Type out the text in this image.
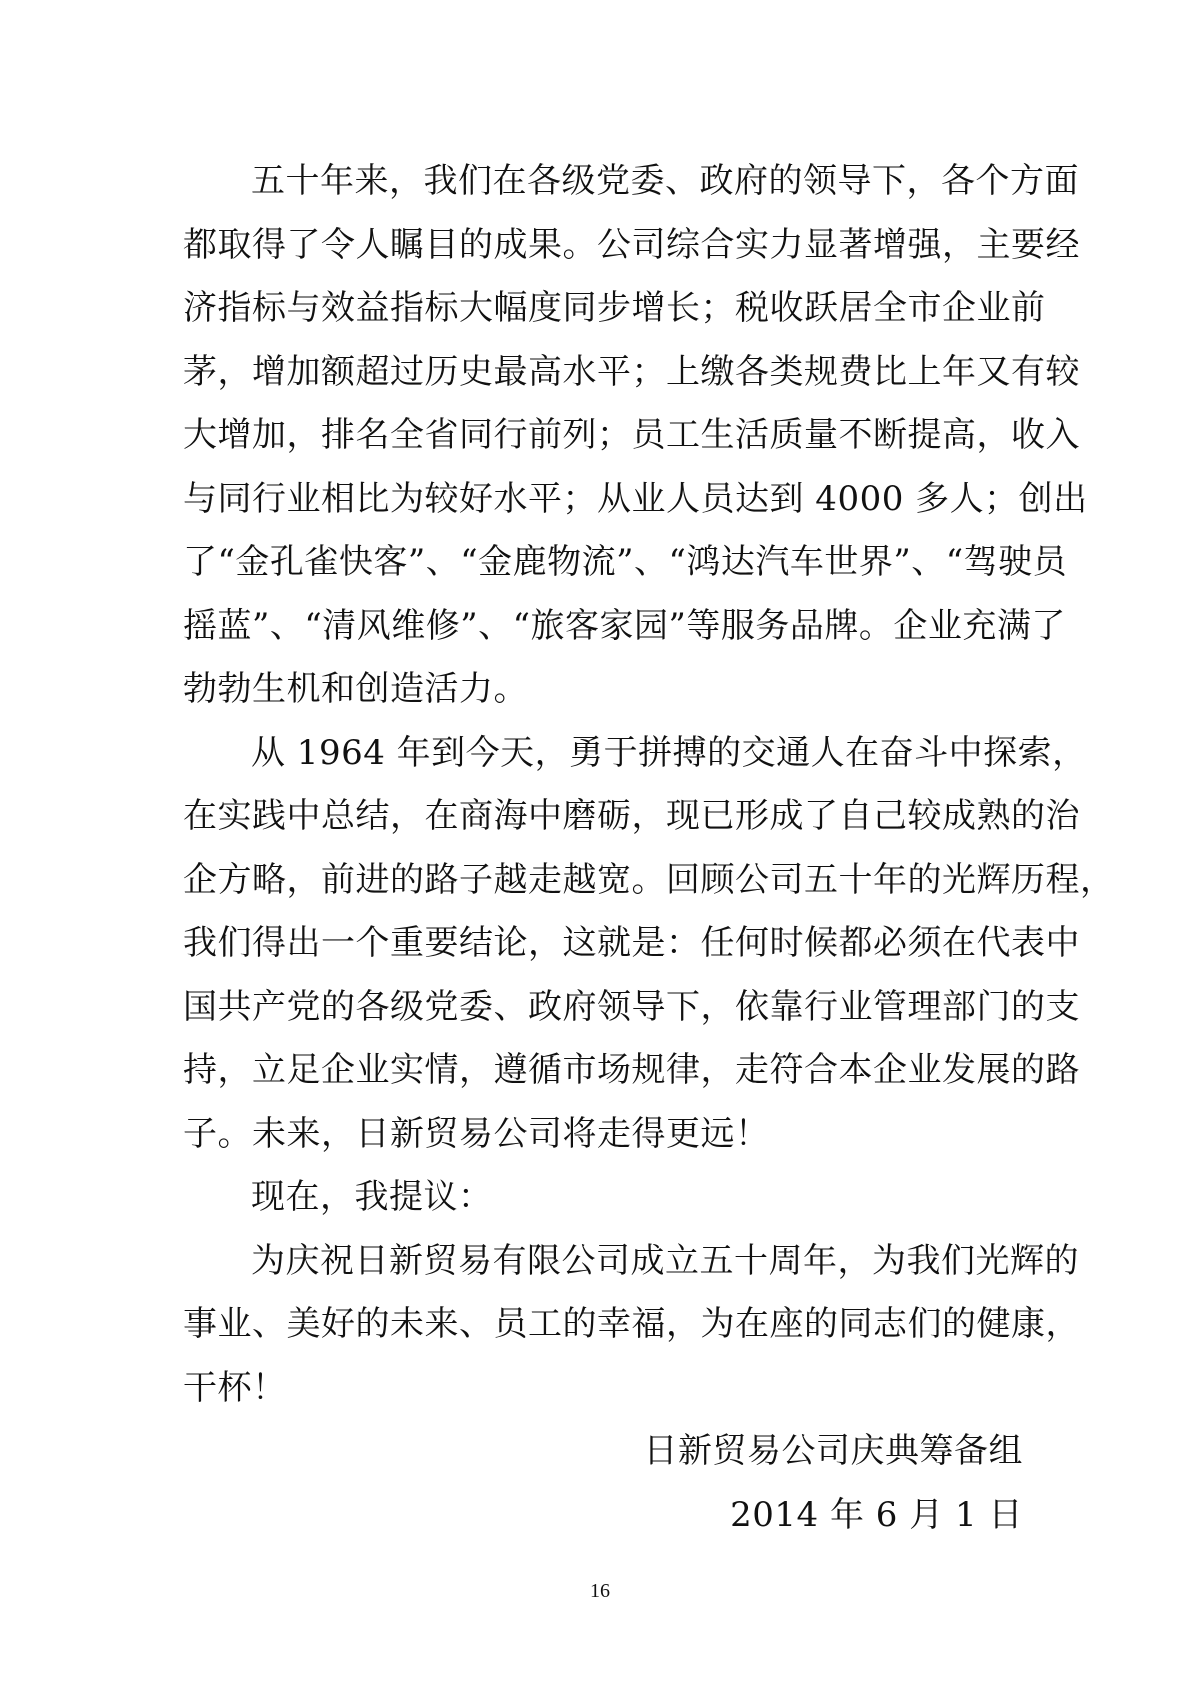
五十年来，我们在各级党委、政府的领导下，各个方面
都取得了令人瞩目的成果。公司综合实力显著增强，主要经
济指标与效益指标大幅度同步增长；税收跃居全市企业前
茅，增加额超过历史最高水平；上缴各类规费比上年又有较
大增加，排名全省同行前列；员工生活质量不断提高，收入
与同行业相比为较好水平；从业人员达到 4000 多人；创出
了“金孔雀快客”、“金鹿物流”、“鸿达汽车世界”、“驾驶员
摇蓝”、“清风维修”、“旅客家园”等服务品牌。企业充满了
勃勃生机和创造活力。
从 1964 年到今天，勇于拼搏的交通人在奋斗中探索，
在实践中总结，在商海中磨砺，现已形成了自己较成熟的治
企方略，前进的路子越走越宽。回顾公司五十年的光辉历程，
我们得出一个重要结论，这就是：任何时候都必须在代表中
国共产党的各级党委、政府领导下，依靠行业管理部门的支
持，立足企业实情，遵循市场规律，走符合本企业发展的路
子。未来，日新贸易公司将走得更远！
现在，我提议：
为庆祝日新贸易有限公司成立五十周年，为我们光辉的
事业、美好的未来、员工的幸福，为在座的同志们的健康，
干杯！
日新贸易公司庆典筹备组
2014 年 6 月 1 日
16
